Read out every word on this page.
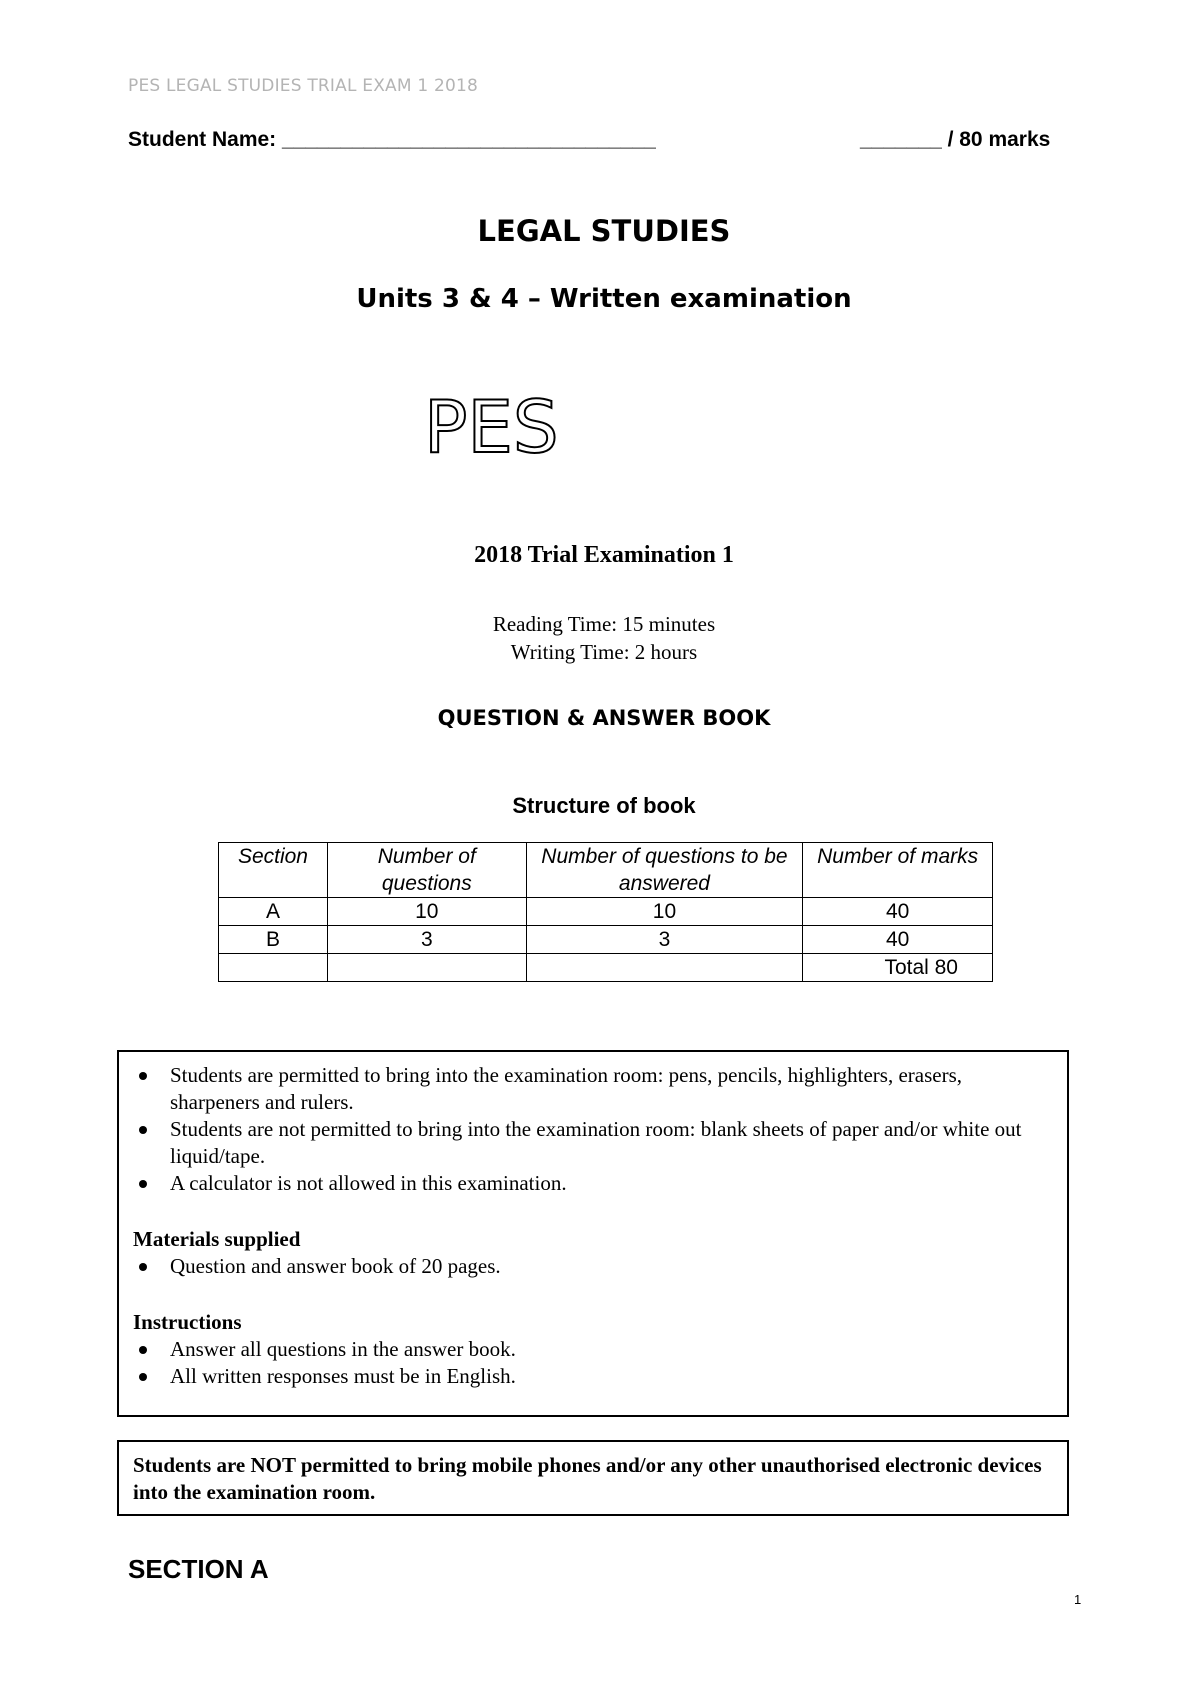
PES LEGAL STUDIES TRIAL EXAM 1 2018
Student Name: ________________________________	_______ / 80 marks
LEGAL STUDIES
Units 3 & 4 – Written examination
PES
2018 Trial Examination 1
Reading Time: 15 minutes
Writing Time: 2 hours
QUESTION & ANSWER BOOK
Structure of book
Section	Number of questions	Number of questions to be answered	Number of marks
A	10	10	40
B	3	3	40
			Total 80
Students are permitted to bring into the examination room: pens, pencils, highlighters, erasers, sharpeners and rulers.
Students are not permitted to bring into the examination room: blank sheets of paper and/or white out liquid/tape.
A calculator is not allowed in this examination.
Materials supplied
Question and answer book of 20 pages.
Instructions
Answer all questions in the answer book.
All written responses must be in English.
Students are NOT permitted to bring mobile phones and/or any other unauthorised electronic devices into the examination room.
SECTION A
1
